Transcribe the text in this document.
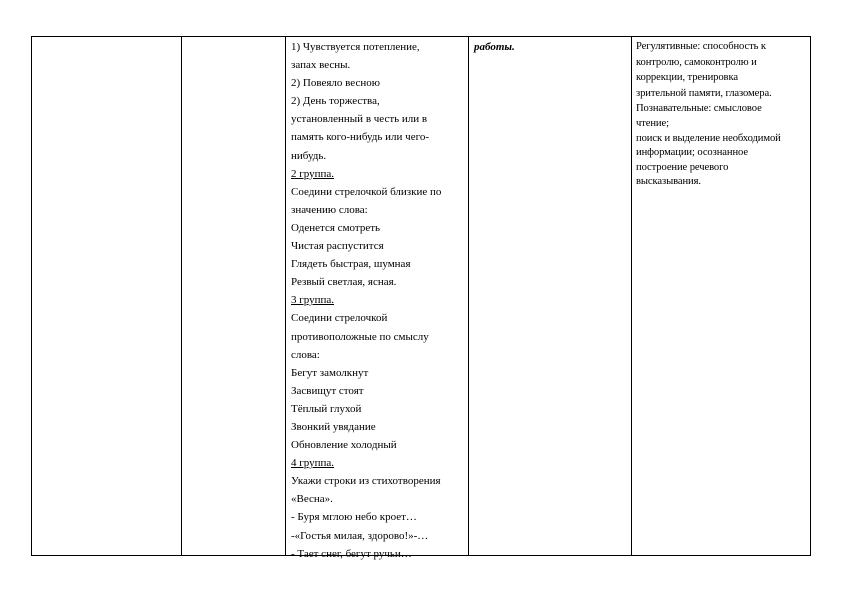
1) Чувствуется потепление,
запах весны.
2) Повеяло весною
2) День торжества,
установленный в честь или в
память кого-нибудь или чего-
нибудь.
2 группа.
Соедини стрелочкой близкие по
значению слова:
Оденется смотреть
Чистая распустится
Глядеть быстрая, шумная
Резвый светлая, ясная.
3 группа.
Соедини стрелочкой
противоположные по смыслу
слова:
Бегут замолкнут
Засвищут стоят
Тёплый глухой
Звонкий увядание
Обновление холодный
4 группа.
Укажи строки из стихотворения
«Весна».
- Буря мглою небо кроет…
-«Гостья милая, здорово!»-…
- Тает снег, бегут ручьи…
работы.	Регулятивные: способность к
контролю, самоконтролю и
коррекции, тренировка
зрительной памяти, глазомера.
Познавательные: смысловое
чтение;
поиск и выделение необходимой
информации; осознанное
построение речевого
высказывания.
